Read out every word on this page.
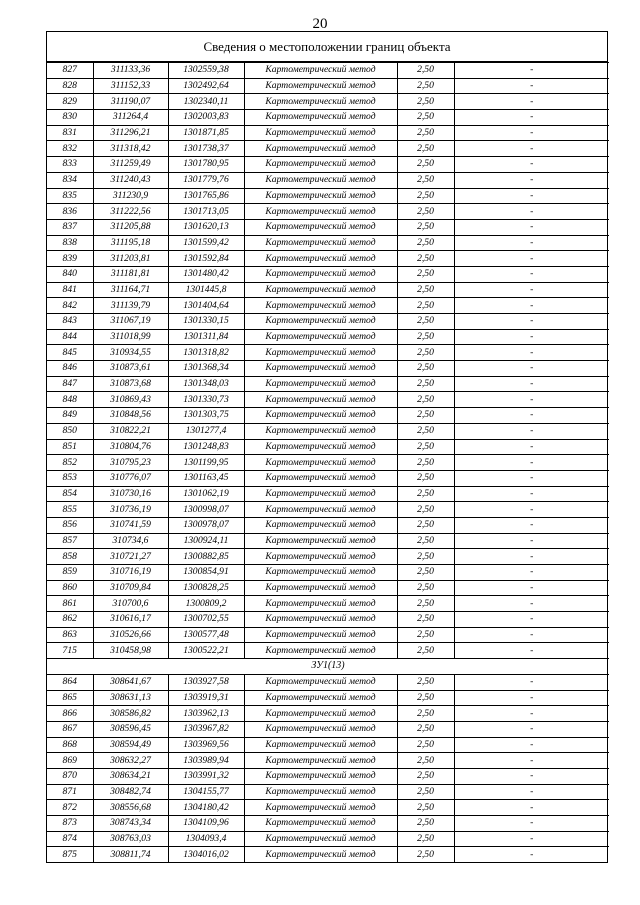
20
Сведения о местоположении границ объекта
827	311133,36	1302559,38	Картометрический метод	2,50	-
828	311152,33	1302492,64	Картометрический метод	2,50	-
829	311190,07	1302340,11	Картометрический метод	2,50	-
830	311264,4	1302003,83	Картометрический метод	2,50	-
831	311296,21	1301871,85	Картометрический метод	2,50	-
832	311318,42	1301738,37	Картометрический метод	2,50	-
833	311259,49	1301780,95	Картометрический метод	2,50	-
834	311240,43	1301779,76	Картометрический метод	2,50	-
835	311230,9	1301765,86	Картометрический метод	2,50	-
836	311222,56	1301713,05	Картометрический метод	2,50	-
837	311205,88	1301620,13	Картометрический метод	2,50	-
838	311195,18	1301599,42	Картометрический метод	2,50	-
839	311203,81	1301592,84	Картометрический метод	2,50	-
840	311181,81	1301480,42	Картометрический метод	2,50	-
841	311164,71	1301445,8	Картометрический метод	2,50	-
842	311139,79	1301404,64	Картометрический метод	2,50	-
843	311067,19	1301330,15	Картометрический метод	2,50	-
844	311018,99	1301311,84	Картометрический метод	2,50	-
845	310934,55	1301318,82	Картометрический метод	2,50	-
846	310873,61	1301368,34	Картометрический метод	2,50	-
847	310873,68	1301348,03	Картометрический метод	2,50	-
848	310869,43	1301330,73	Картометрический метод	2,50	-
849	310848,56	1301303,75	Картометрический метод	2,50	-
850	310822,21	1301277,4	Картометрический метод	2,50	-
851	310804,76	1301248,83	Картометрический метод	2,50	-
852	310795,23	1301199,95	Картометрический метод	2,50	-
853	310776,07	1301163,45	Картометрический метод	2,50	-
854	310730,16	1301062,19	Картометрический метод	2,50	-
855	310736,19	1300998,07	Картометрический метод	2,50	-
856	310741,59	1300978,07	Картометрический метод	2,50	-
857	310734,6	1300924,11	Картометрический метод	2,50	-
858	310721,27	1300882,85	Картометрический метод	2,50	-
859	310716,19	1300854,91	Картометрический метод	2,50	-
860	310709,84	1300828,25	Картометрический метод	2,50	-
861	310700,6	1300809,2	Картометрический метод	2,50	-
862	310616,17	1300702,55	Картометрический метод	2,50	-
863	310526,66	1300577,48	Картометрический метод	2,50	-
715	310458,98	1300522,21	Картометрический метод	2,50	-
ЗУ1(13)					
864	308641,67	1303927,58	Картометрический метод	2,50	-
865	308631,13	1303919,31	Картометрический метод	2,50	-
866	308586,82	1303962,13	Картометрический метод	2,50	-
867	308596,45	1303967,82	Картометрический метод	2,50	-
868	308594,49	1303969,56	Картометрический метод	2,50	-
869	308632,27	1303989,94	Картометрический метод	2,50	-
870	308634,21	1303991,32	Картометрический метод	2,50	-
871	308482,74	1304155,77	Картометрический метод	2,50	-
872	308556,68	1304180,42	Картометрический метод	2,50	-
873	308743,34	1304109,96	Картометрический метод	2,50	-
874	308763,03	1304093,4	Картометрический метод	2,50	-
875	308811,74	1304016,02	Картометрический метод	2,50	-
